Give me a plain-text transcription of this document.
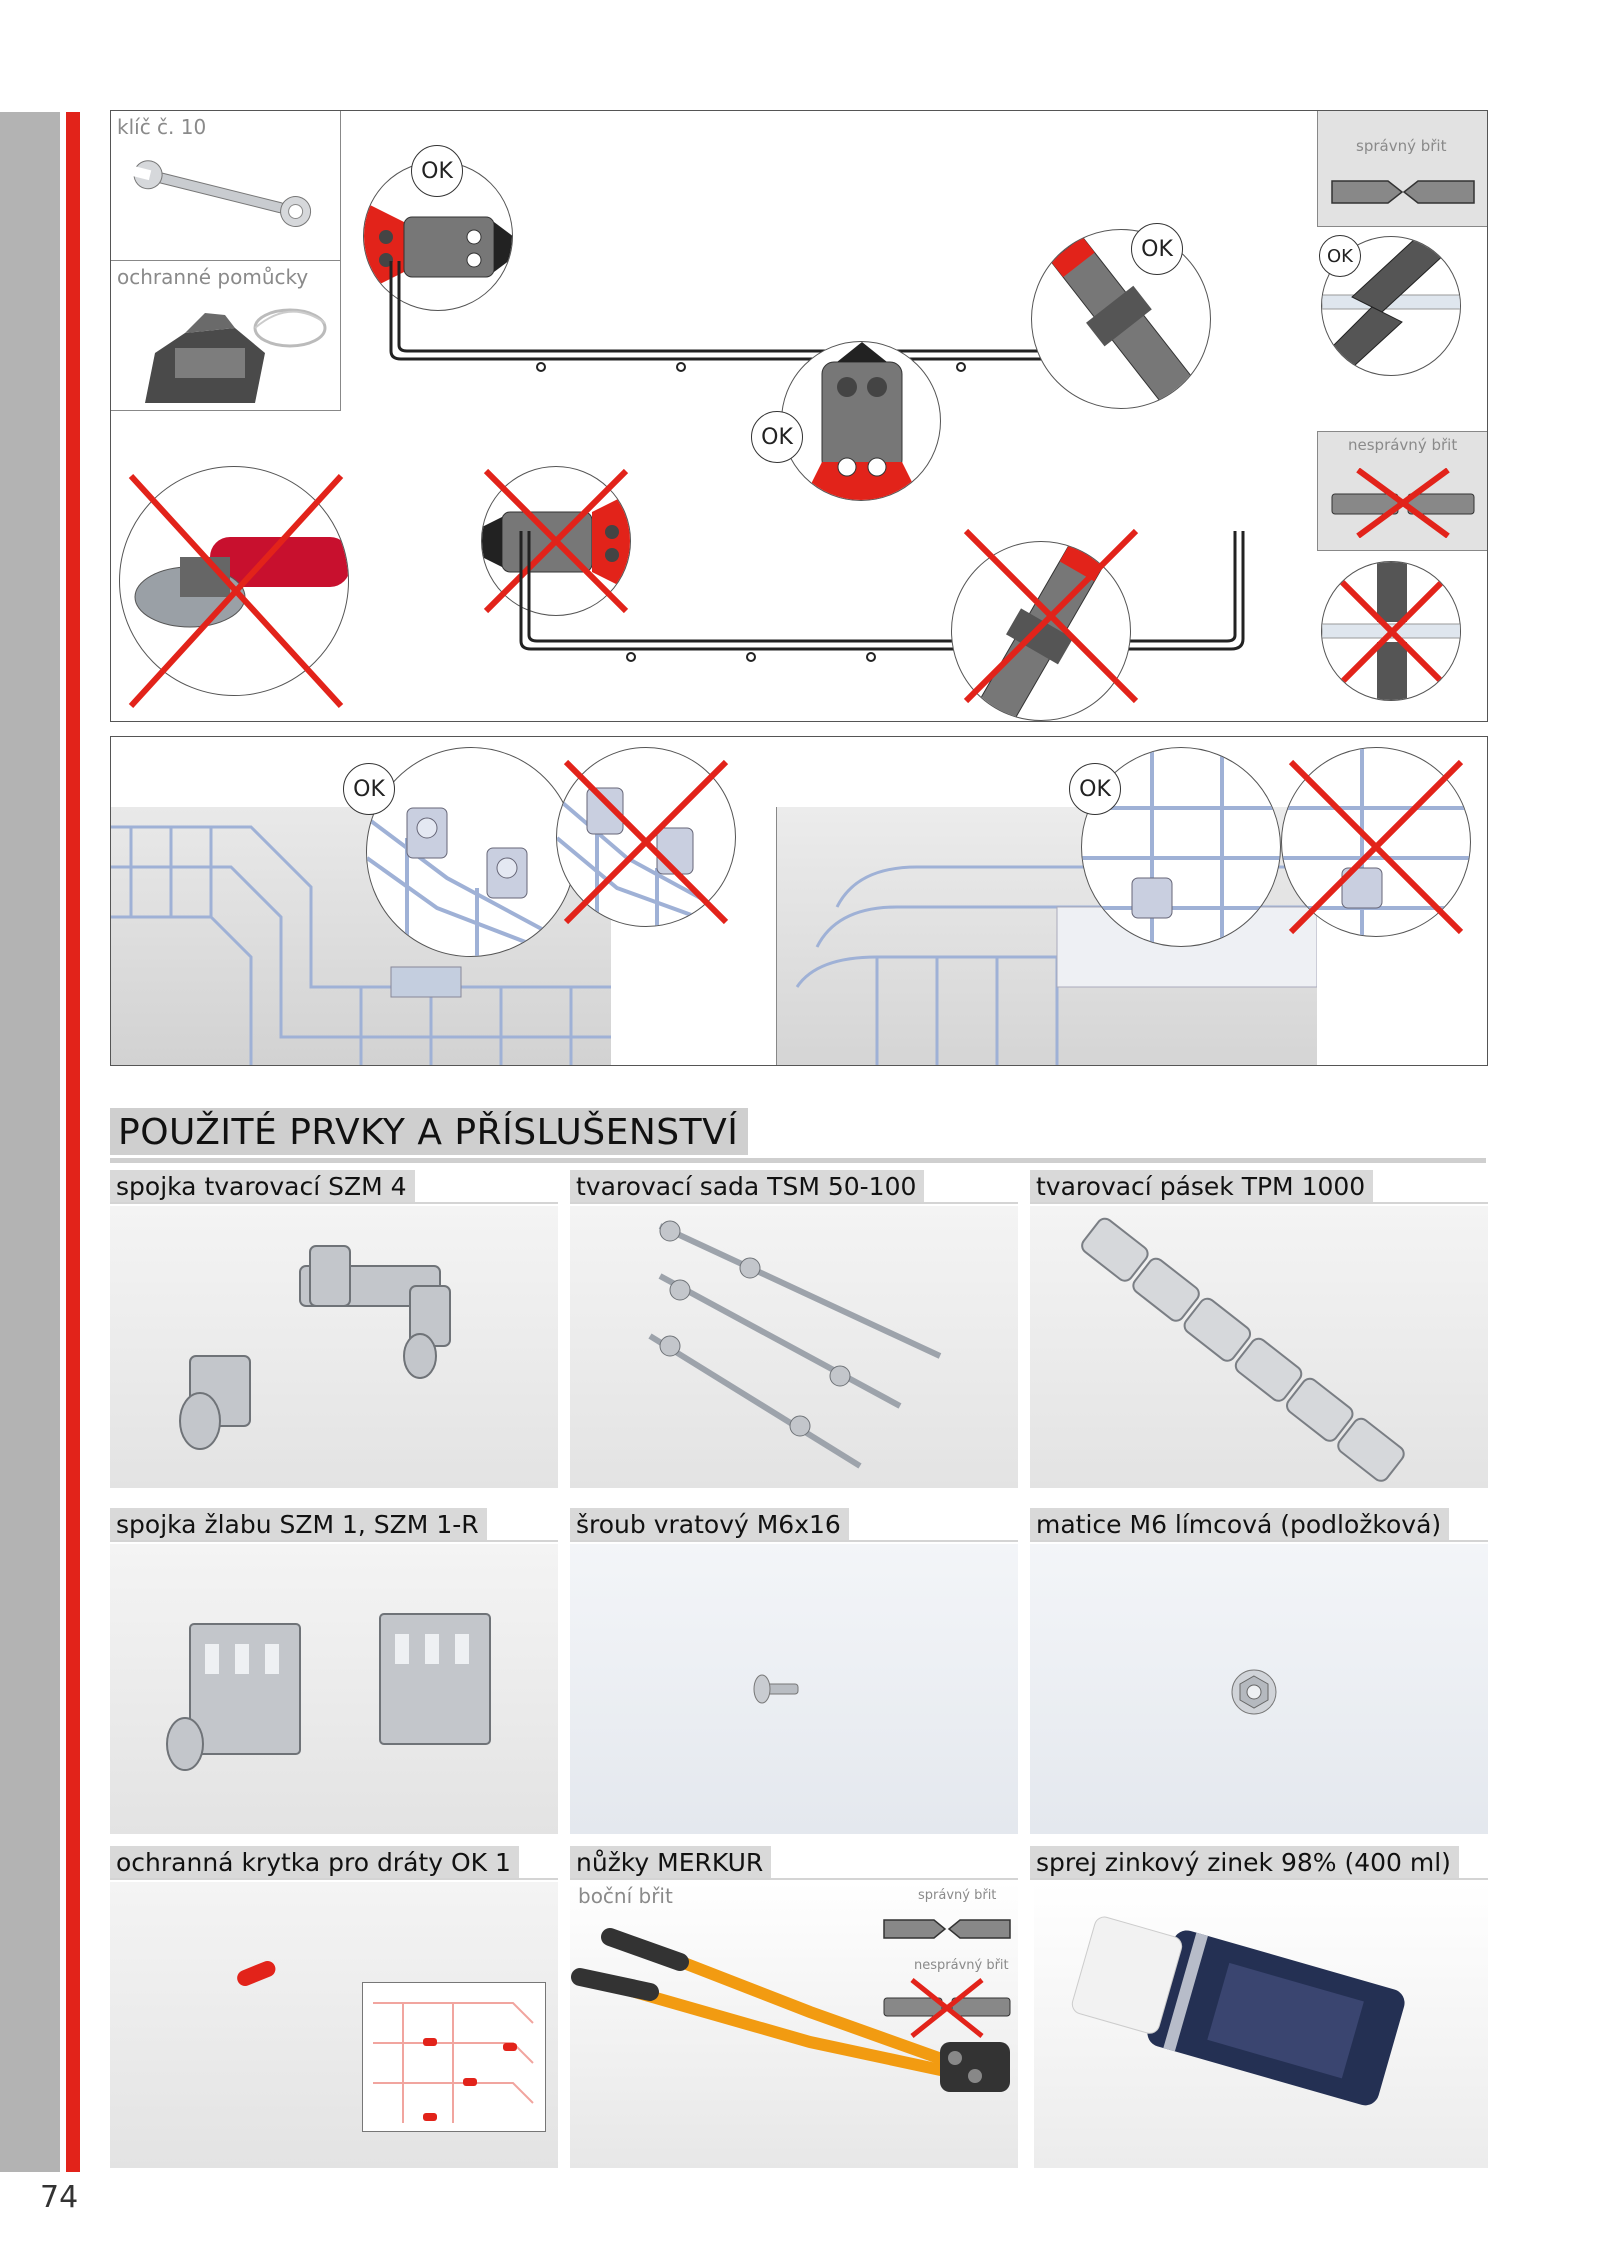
74
klíč č. 10
ochranné pomůcky
OK
OK
OK
správný břit
OK
nesprávný břit
OK	OK
POUŽITÉ PRVKY A PŘÍSLUŠENSTVÍ
spojka tvarovací SZM 4	tvarovací sada TSM 50-100	tvarovací pásek TPM 1000
spojka žlabu SZM 1, SZM 1-R	šroub vratový M6x16	matice M6 límcová (podložková)
ochranná krytka pro dráty OK 1	nůžky MERKUR
boční břit	správný břit
nesprávný břit
sprej zinkový zinek 98% (400 ml)
